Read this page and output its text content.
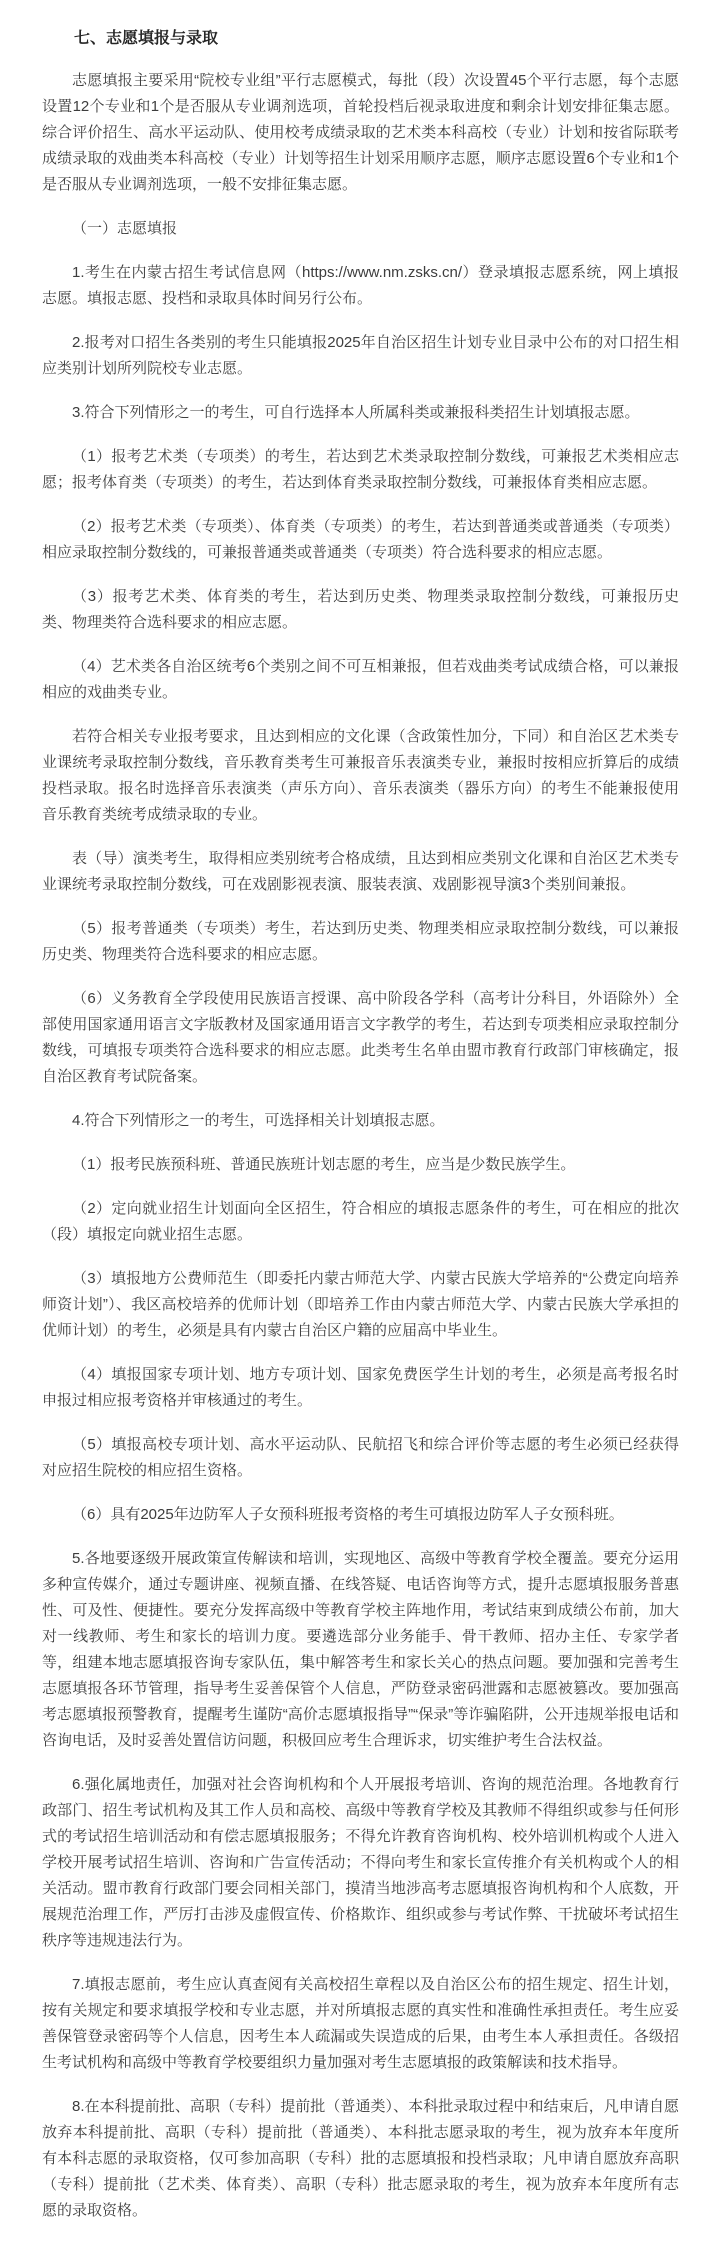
七、志愿填报与录取

志愿填报主要采用“院校专业组”平行志愿模式，每批（段）次设置45个平行志愿，每个志愿设置12个专业和1个是否服从专业调剂选项，首轮投档后视录取进度和剩余计划安排征集志愿。综合评价招生、高水平运动队、使用校考成绩录取的艺术类本科高校（专业）计划和按省际联考成绩录取的戏曲类本科高校（专业）计划等招生计划采用顺序志愿，顺序志愿设置6个专业和1个是否服从专业调剂选项，一般不安排征集志愿。

（一）志愿填报

1.考生在内蒙古招生考试信息网（https://www.nm.zsks.cn/）登录填报志愿系统，网上填报志愿。填报志愿、投档和录取具体时间另行公布。

2.报考对口招生各类别的考生只能填报2025年自治区招生计划专业目录中公布的对口招生相应类别计划所列院校专业志愿。

3.符合下列情形之一的考生，可自行选择本人所属科类或兼报科类招生计划填报志愿。

（1）报考艺术类（专项类）的考生，若达到艺术类录取控制分数线，可兼报艺术类相应志愿；报考体育类（专项类）的考生，若达到体育类录取控制分数线，可兼报体育类相应志愿。

（2）报考艺术类（专项类）、体育类（专项类）的考生，若达到普通类或普通类（专项类）相应录取控制分数线的，可兼报普通类或普通类（专项类）符合选科要求的相应志愿。

（3）报考艺术类、体育类的考生，若达到历史类、物理类录取控制分数线，可兼报历史类、物理类符合选科要求的相应志愿。

（4）艺术类各自治区统考6个类别之间不可互相兼报，但若戏曲类考试成绩合格，可以兼报相应的戏曲类专业。

若符合相关专业报考要求，且达到相应的文化课（含政策性加分，下同）和自治区艺术类专业课统考录取控制分数线，音乐教育类考生可兼报音乐表演类专业，兼报时按相应折算后的成绩投档录取。报名时选择音乐表演类（声乐方向）、音乐表演类（器乐方向）的考生不能兼报使用音乐教育类统考成绩录取的专业。

表（导）演类考生，取得相应类别统考合格成绩，且达到相应类别文化课和自治区艺术类专业课统考录取控制分数线，可在戏剧影视表演、服装表演、戏剧影视导演3个类别间兼报。

（5）报考普通类（专项类）考生，若达到历史类、物理类相应录取控制分数线，可以兼报历史类、物理类符合选科要求的相应志愿。

（6）义务教育全学段使用民族语言授课、高中阶段各学科（高考计分科目，外语除外）全部使用国家通用语言文字版教材及国家通用语言文字教学的考生，若达到专项类相应录取控制分数线，可填报专项类符合选科要求的相应志愿。此类考生名单由盟市教育行政部门审核确定，报自治区教育考试院备案。

4.符合下列情形之一的考生，可选择相关计划填报志愿。

（1）报考民族预科班、普通民族班计划志愿的考生，应当是少数民族学生。

（2）定向就业招生计划面向全区招生，符合相应的填报志愿条件的考生，可在相应的批次（段）填报定向就业招生志愿。

（3）填报地方公费师范生（即委托内蒙古师范大学、内蒙古民族大学培养的“公费定向培养师资计划”）、我区高校培养的优师计划（即培养工作由内蒙古师范大学、内蒙古民族大学承担的优师计划）的考生，必须是具有内蒙古自治区户籍的应届高中毕业生。

（4）填报国家专项计划、地方专项计划、国家免费医学生计划的考生，必须是高考报名时申报过相应报考资格并审核通过的考生。

（5）填报高校专项计划、高水平运动队、民航招飞和综合评价等志愿的考生必须已经获得对应招生院校的相应招生资格。

（6）具有2025年边防军人子女预科班报考资格的考生可填报边防军人子女预科班。

5.各地要逐级开展政策宣传解读和培训，实现地区、高级中等教育学校全覆盖。要充分运用多种宣传媒介，通过专题讲座、视频直播、在线答疑、电话咨询等方式，提升志愿填报服务普惠性、可及性、便捷性。要充分发挥高级中等教育学校主阵地作用，考试结束到成绩公布前，加大对一线教师、考生和家长的培训力度。要遴选部分业务能手、骨干教师、招办主任、专家学者等，组建本地志愿填报咨询专家队伍，集中解答考生和家长关心的热点问题。要加强和完善考生志愿填报各环节管理，指导考生妥善保管个人信息，严防登录密码泄露和志愿被篡改。要加强高考志愿填报预警教育，提醒考生谨防“高价志愿填报指导”“保录”等诈骗陷阱，公开违规举报电话和咨询电话，及时妥善处置信访问题，积极回应考生合理诉求，切实维护考生合法权益。

6.强化属地责任，加强对社会咨询机构和个人开展报考培训、咨询的规范治理。各地教育行政部门、招生考试机构及其工作人员和高校、高级中等教育学校及其教师不得组织或参与任何形式的考试招生培训活动和有偿志愿填报服务；不得允许教育咨询机构、校外培训机构或个人进入学校开展考试招生培训、咨询和广告宣传活动；不得向考生和家长宣传推介有关机构或个人的相关活动。盟市教育行政部门要会同相关部门，摸清当地涉高考志愿填报咨询机构和个人底数，开展规范治理工作，严厉打击涉及虚假宣传、价格欺诈、组织或参与考试作弊、干扰破坏考试招生秩序等违规违法行为。

7.填报志愿前，考生应认真查阅有关高校招生章程以及自治区公布的招生规定、招生计划，按有关规定和要求填报学校和专业志愿，并对所填报志愿的真实性和准确性承担责任。考生应妥善保管登录密码等个人信息，因考生本人疏漏或失误造成的后果，由考生本人承担责任。各级招生考试机构和高级中等教育学校要组织力量加强对考生志愿填报的政策解读和技术指导。

8.在本科提前批、高职（专科）提前批（普通类）、本科批录取过程中和结束后，凡申请自愿放弃本科提前批、高职（专科）提前批（普通类）、本科批志愿录取的考生，视为放弃本年度所有本科志愿的录取资格，仅可参加高职（专科）批的志愿填报和投档录取；凡申请自愿放弃高职（专科）提前批（艺术类、体育类）、高职（专科）批志愿录取的考生，视为放弃本年度所有志愿的录取资格。
